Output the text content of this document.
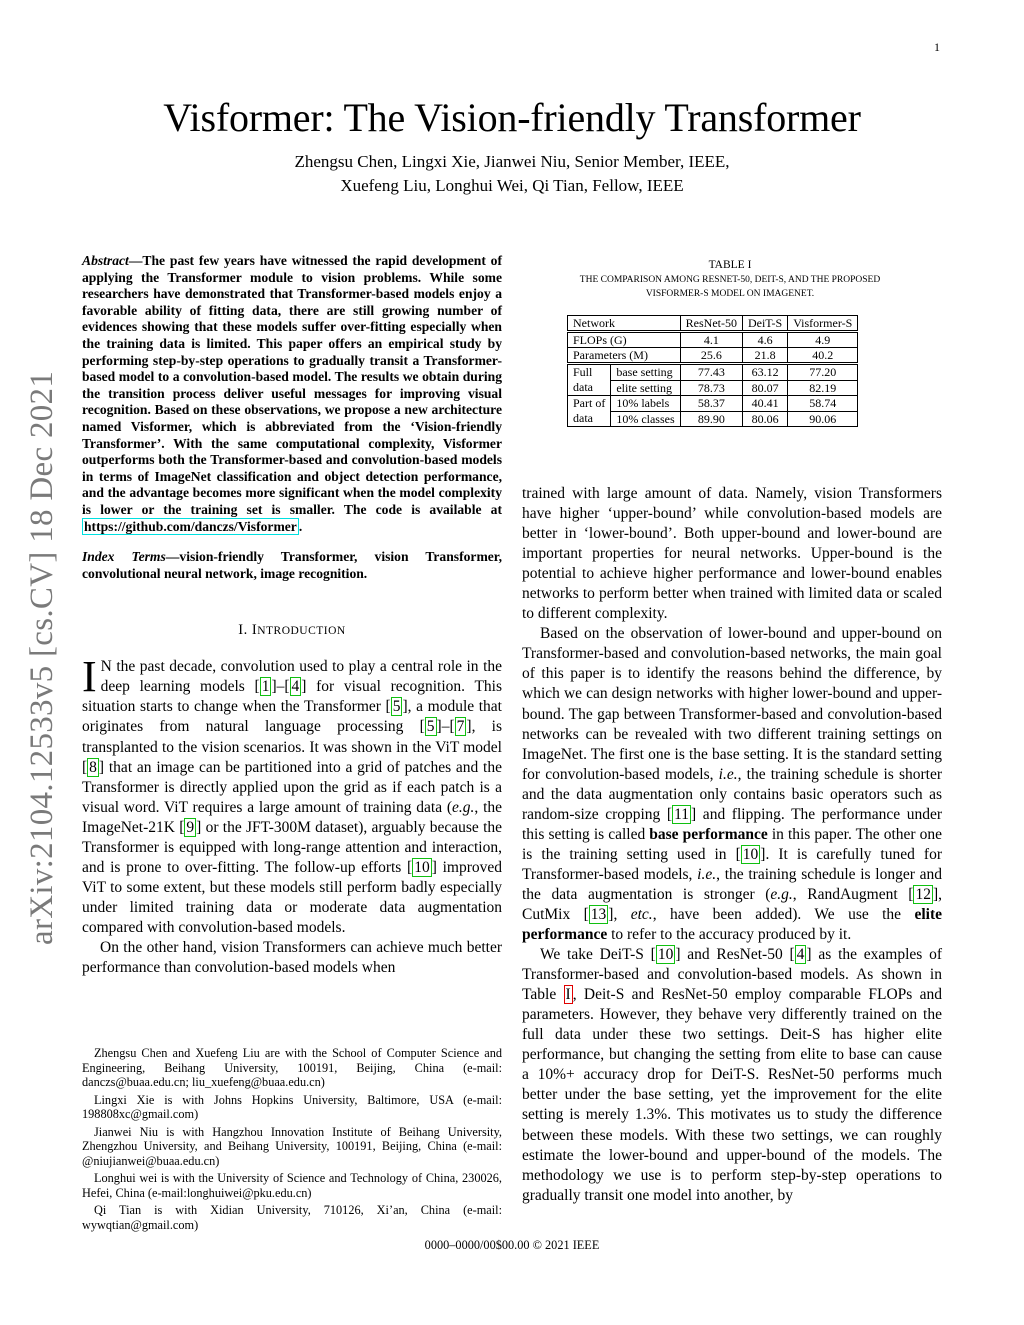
1
Visformer: The Vision-friendly Transformer
Zhengsu Chen, Lingxi Xie, Jianwei Niu, Senior Member, IEEE,
Xuefeng Liu, Longhui Wei, Qi Tian, Fellow, IEEE
arXiv:2104.12533v5 [cs.CV] 18 Dec 2021

Abstract—The past few years have witnessed the rapid development of applying the Transformer module to vision problems. While some researchers have demonstrated that Transformer-based models enjoy a favorable ability of fitting data, there are still growing number of evidences showing that these models suffer over-fitting especially when the training data is limited. This paper offers an empirical study by performing step-by-step operations to gradually transit a Transformer-based model to a convolution-based model. The results we obtain during the transition process deliver useful messages for improving visual recognition. Based on these observations, we propose a new architecture named Visformer, which is abbreviated from the ‘Vision-friendly Transformer’. With the same computational complexity, Visformer outperforms both the Transformer-based and convolution-based models in terms of ImageNet classification and object detection performance, and the advantage becomes more significant when the model complexity is lower or the training set is smaller. The code is available at https://github.com/danczs/Visformer .

Index Terms—vision-friendly Transformer, vision Transformer, convolutional neural network, image recognition.

I. INTRODUCTION

I N the past decade, convolution used to play a central role in the deep learning models [ 1 ]–[ 4 ] for visual recognition. This situation starts to change when the Transformer [ 5 ], a module that originates from natural language processing [ 5 ]–[ 7 ], is transplanted to the vision scenarios. It was shown in the ViT model [ 8 ] that an image can be partitioned into a grid of patches and the Transformer is directly applied upon the grid as if each patch is a visual word. ViT requires a large amount of training data (e.g., the ImageNet-21K [ 9 ] or the JFT-300M dataset), arguably because the Transformer is equipped with long-range attention and interaction, and is prone to over-fitting. The follow-up efforts [ 10 ] improved ViT to some extent, but these models still perform badly especially under limited training data or moderate data augmentation compared with convolution-based models.

On the other hand, vision Transformers can achieve much better performance than convolution-based models when

Zhengsu Chen and Xuefeng Liu are with the School of Computer Science and Engineering, Beihang University, 100191, Beijing, China (e-mail: danczs@buaa.edu.cn; liu_xuefeng@buaa.edu.cn)

Lingxi Xie is with Johns Hopkins University, Baltimore, USA (e-mail: 198808xc@gmail.com)

Jianwei Niu is with Hangzhou Innovation Institute of Beihang University, Zhengzhou University, and Beihang University, 100191, Beijing, China (e-mail: @niujianwei@buaa.edu.cn)

Longhui wei is with the University of Science and Technology of China, 230026, Hefei, China (e-mail:longhuiwei@pku.edu.cn)

Qi Tian is with Xidian University, 710126, Xi’an, China (e-mail: wywqtian@gmail.com)

TABLE I
THE COMPARISON AMONG RESNET-50, DEIT-S, AND THE PROPOSED
VISFORMER-S MODEL ON IMAGENET.
Network		ResNet-50	DeiT-S	Visformer-S
FLOPs (G)		4.1	4.6	4.9
Parameters (M)		25.6	21.8	40.2
Full
data	base setting	77.43	63.12	77.20
	elite setting	78.73	80.07	82.19
Part of
data	10% labels	58.37	40.41	58.74
	10% classes	89.90	80.06	90.06

trained with large amount of data. Namely, vision Transformers have higher ‘upper-bound’ while convolution-based models are better in ‘lower-bound’. Both upper-bound and lower-bound are important properties for neural networks. Upper-bound is the potential to achieve higher performance and lower-bound enables networks to perform better when trained with limited data or scaled to different complexity.

Based on the observation of lower-bound and upper-bound on Transformer-based and convolution-based networks, the main goal of this paper is to identify the reasons behind the difference, by which we can design networks with higher lower-bound and upper-bound. The gap between Transformer-based and convolution-based networks can be revealed with two different training settings on ImageNet. The first one is the base setting. It is the standard setting for convolution-based models, i.e., the training schedule is shorter and the data augmentation only contains basic operators such as random-size cropping [ 11 ] and flipping. The performance under this setting is called base performance in this paper. The other one is the training setting used in [ 10 ]. It is carefully tuned for Transformer-based models, i.e., the training schedule is longer and the data augmentation is stronger (e.g., RandAugment [ 12 ], CutMix [ 13 ], etc., have been added). We use the elite performance to refer to the accuracy produced by it.

We take DeiT-S [ 10 ] and ResNet-50 [ 4 ] as the examples of Transformer-based and convolution-based models. As shown in Table I , Deit-S and ResNet-50 employ comparable FLOPs and parameters. However, they behave very differently trained on the full data under these two settings. Deit-S has higher elite performance, but changing the setting from elite to base can cause a 10%+ accuracy drop for DeiT-S. ResNet-50 performs much better under the base setting, yet the improvement for the elite setting is merely 1.3%. This motivates us to study the difference between these models. With these two settings, we can roughly estimate the lower-bound and upper-bound of the models. The methodology we use is to perform step-by-step operations to gradually transit one model into another, by

0000–0000/00$00.00 © 2021 IEEE
